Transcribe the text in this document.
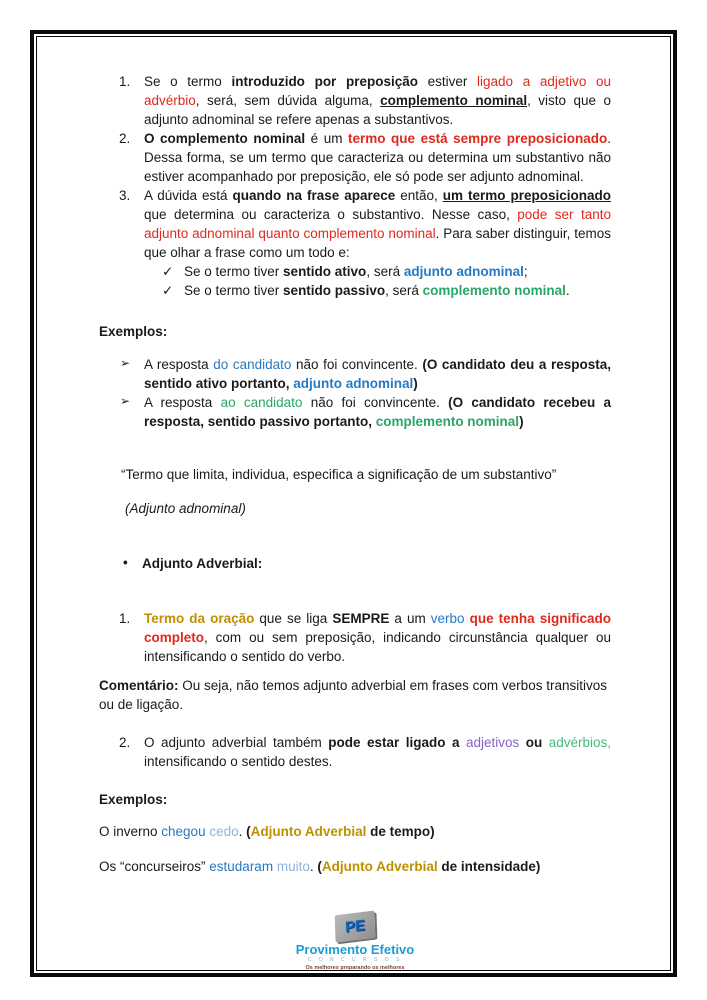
1. Se o termo introduzido por preposição estiver ligado a adjetivo ou advérbio, será, sem dúvida alguma, complemento nominal, visto que o adjunto adnominal se refere apenas a substantivos.
2. O complemento nominal é um termo que está sempre preposicionado. Dessa forma, se um termo que caracteriza ou determina um substantivo não estiver acompanhado por preposição, ele só pode ser adjunto adnominal.
3. A dúvida está quando na frase aparece então, um termo preposicionado que determina ou caracteriza o substantivo. Nesse caso, pode ser tanto adjunto adnominal quanto complemento nominal. Para saber distinguir, temos que olhar a frase como um todo e:
✓ Se o termo tiver sentido ativo, será adjunto adnominal;
✓ Se o termo tiver sentido passivo, será complemento nominal.
Exemplos:
➢ A resposta do candidato não foi convincente. (O candidato deu a resposta, sentido ativo portanto, adjunto adnominal)
➢ A resposta ao candidato não foi convincente. (O candidato recebeu a resposta, sentido passivo portanto, complemento nominal)
“Termo que limita, individua, especifica a significação de um substantivo”
(Adjunto adnominal)
• Adjunto Adverbial:
1. Termo da oração que se liga SEMPRE a um verbo que tenha significado completo, com ou sem preposição, indicando circunstância qualquer ou intensificando o sentido do verbo.
Comentário: Ou seja, não temos adjunto adverbial em frases com verbos transitivos ou de ligação.
2. O adjunto adverbial também pode estar ligado a adjetivos ou advérbios, intensificando o sentido destes.
Exemplos:
O inverno chegou cedo. (Adjunto Adverbial de tempo)
Os “concurseiros” estudaram muito. (Adjunto Adverbial de intensidade)
PE
Provimento Efetivo
C O N C U R S O S
Os melhores preparando os melhores
